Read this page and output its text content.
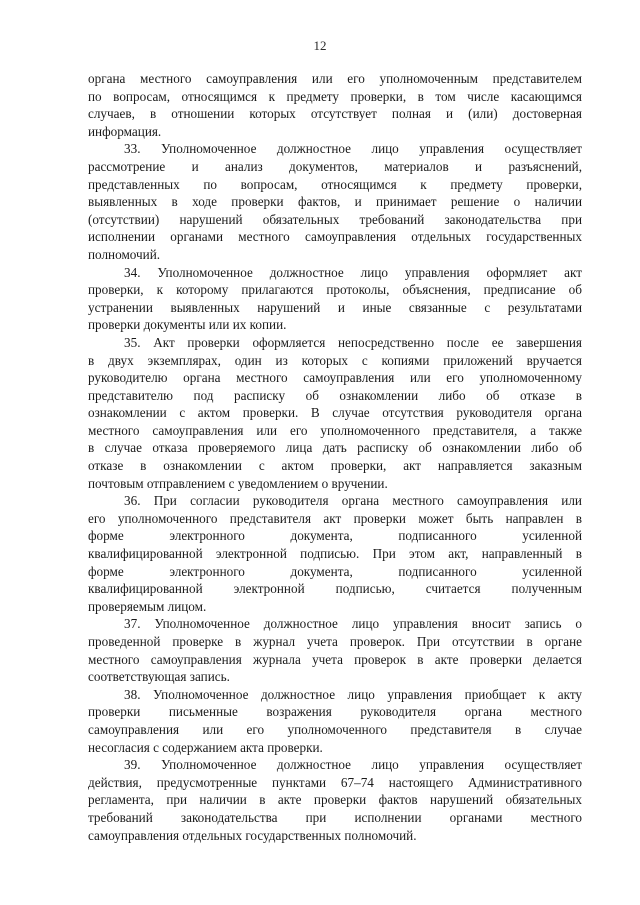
12
органа местного самоуправления или его уполномоченным представителем
по вопросам, относящимся к предмету проверки, в том числе касающимся
случаев, в отношении которых отсутствует полная и (или) достоверная
информация.
33. Уполномоченное должностное лицо управления осуществляет
рассмотрение и анализ документов, материалов и разъяснений,
представленных по вопросам, относящимся к предмету проверки,
выявленных в ходе проверки фактов, и принимает решение о наличии
(отсутствии) нарушений обязательных требований законодательства при
исполнении органами местного самоуправления отдельных государственных
полномочий.
34. Уполномоченное должностное лицо управления оформляет акт
проверки, к которому прилагаются протоколы, объяснения, предписание об
устранении выявленных нарушений и иные связанные с результатами
проверки документы или их копии.
35. Акт проверки оформляется непосредственно после ее завершения
в двух экземплярах, один из которых с копиями приложений вручается
руководителю органа местного самоуправления или его уполномоченному
представителю под расписку об ознакомлении либо об отказе в
ознакомлении с актом проверки. В случае отсутствия руководителя органа
местного самоуправления или его уполномоченного представителя, а также
в случае отказа проверяемого лица дать расписку об ознакомлении либо об
отказе в ознакомлении с актом проверки, акт направляется заказным
почтовым отправлением с уведомлением о вручении.
36. При согласии руководителя органа местного самоуправления или
его уполномоченного представителя акт проверки может быть направлен в
форме электронного документа, подписанного усиленной
квалифицированной электронной подписью. При этом акт, направленный в
форме электронного документа, подписанного усиленной
квалифицированной электронной подписью, считается полученным
проверяемым лицом.
37. Уполномоченное должностное лицо управления вносит запись о
проведенной проверке в журнал учета проверок. При отсутствии в органе
местного самоуправления журнала учета проверок в акте проверки делается
соответствующая запись.
38. Уполномоченное должностное лицо управления приобщает к акту
проверки письменные возражения руководителя органа местного
самоуправления или его уполномоченного представителя в случае
несогласия с содержанием акта проверки.
39. Уполномоченное должностное лицо управления осуществляет
действия, предусмотренные пунктами 67–74 настоящего Административного
регламента, при наличии в акте проверки фактов нарушений обязательных
требований законодательства при исполнении органами местного
самоуправления отдельных государственных полномочий.
